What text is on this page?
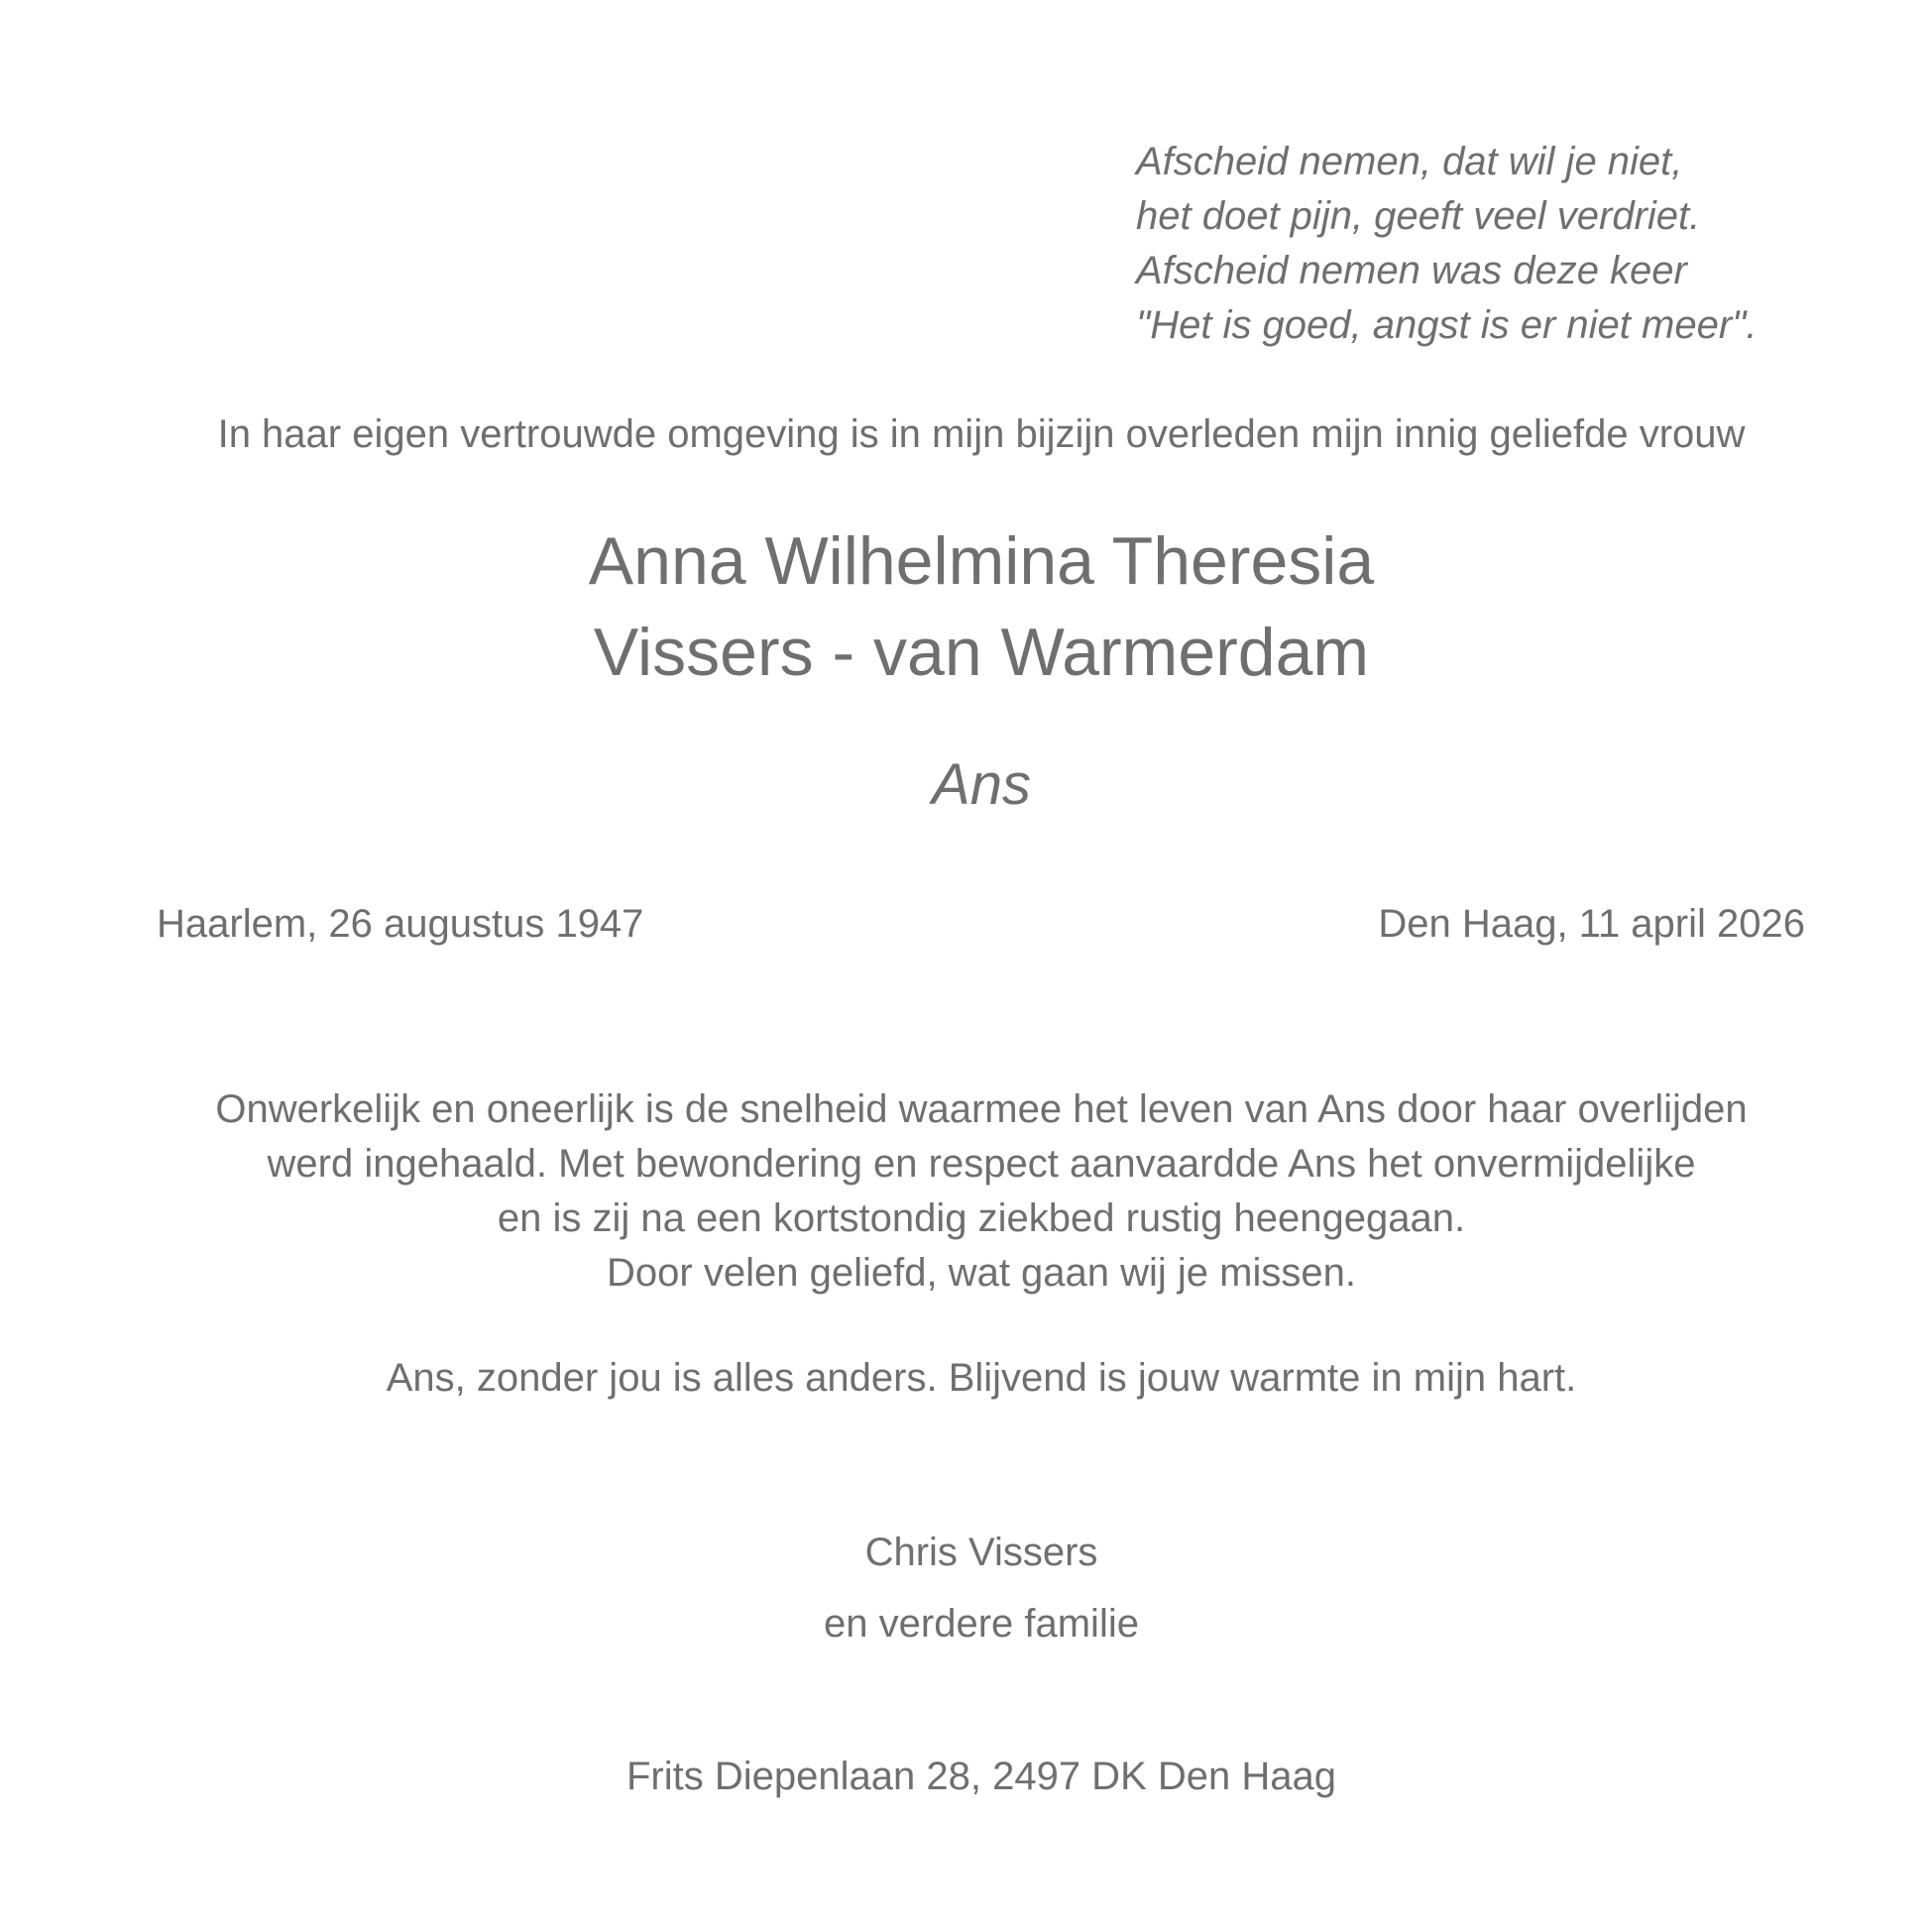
Afscheid nemen, dat wil je niet,
het doet pijn, geeft veel verdriet.
Afscheid nemen was deze keer
"Het is goed, angst is er niet meer".
In haar eigen vertrouwde omgeving is in mijn bijzijn overleden mijn innig geliefde vrouw
Anna Wilhelmina Theresia
Vissers - van Warmerdam
Ans
Haarlem, 26 augustus 1947	Den Haag, 11 april 2026
Onwerkelijk en oneerlijk is de snelheid waarmee het leven van Ans door haar overlijden
werd ingehaald. Met bewondering en respect aanvaardde Ans het onvermijdelijke
en is zij na een kortstondig ziekbed rustig heengegaan.
Door velen geliefd, wat gaan wij je missen.
Ans, zonder jou is alles anders. Blijvend is jouw warmte in mijn hart.
Chris Vissers
en verdere familie
Frits Diepenlaan 28, 2497 DK Den Haag
